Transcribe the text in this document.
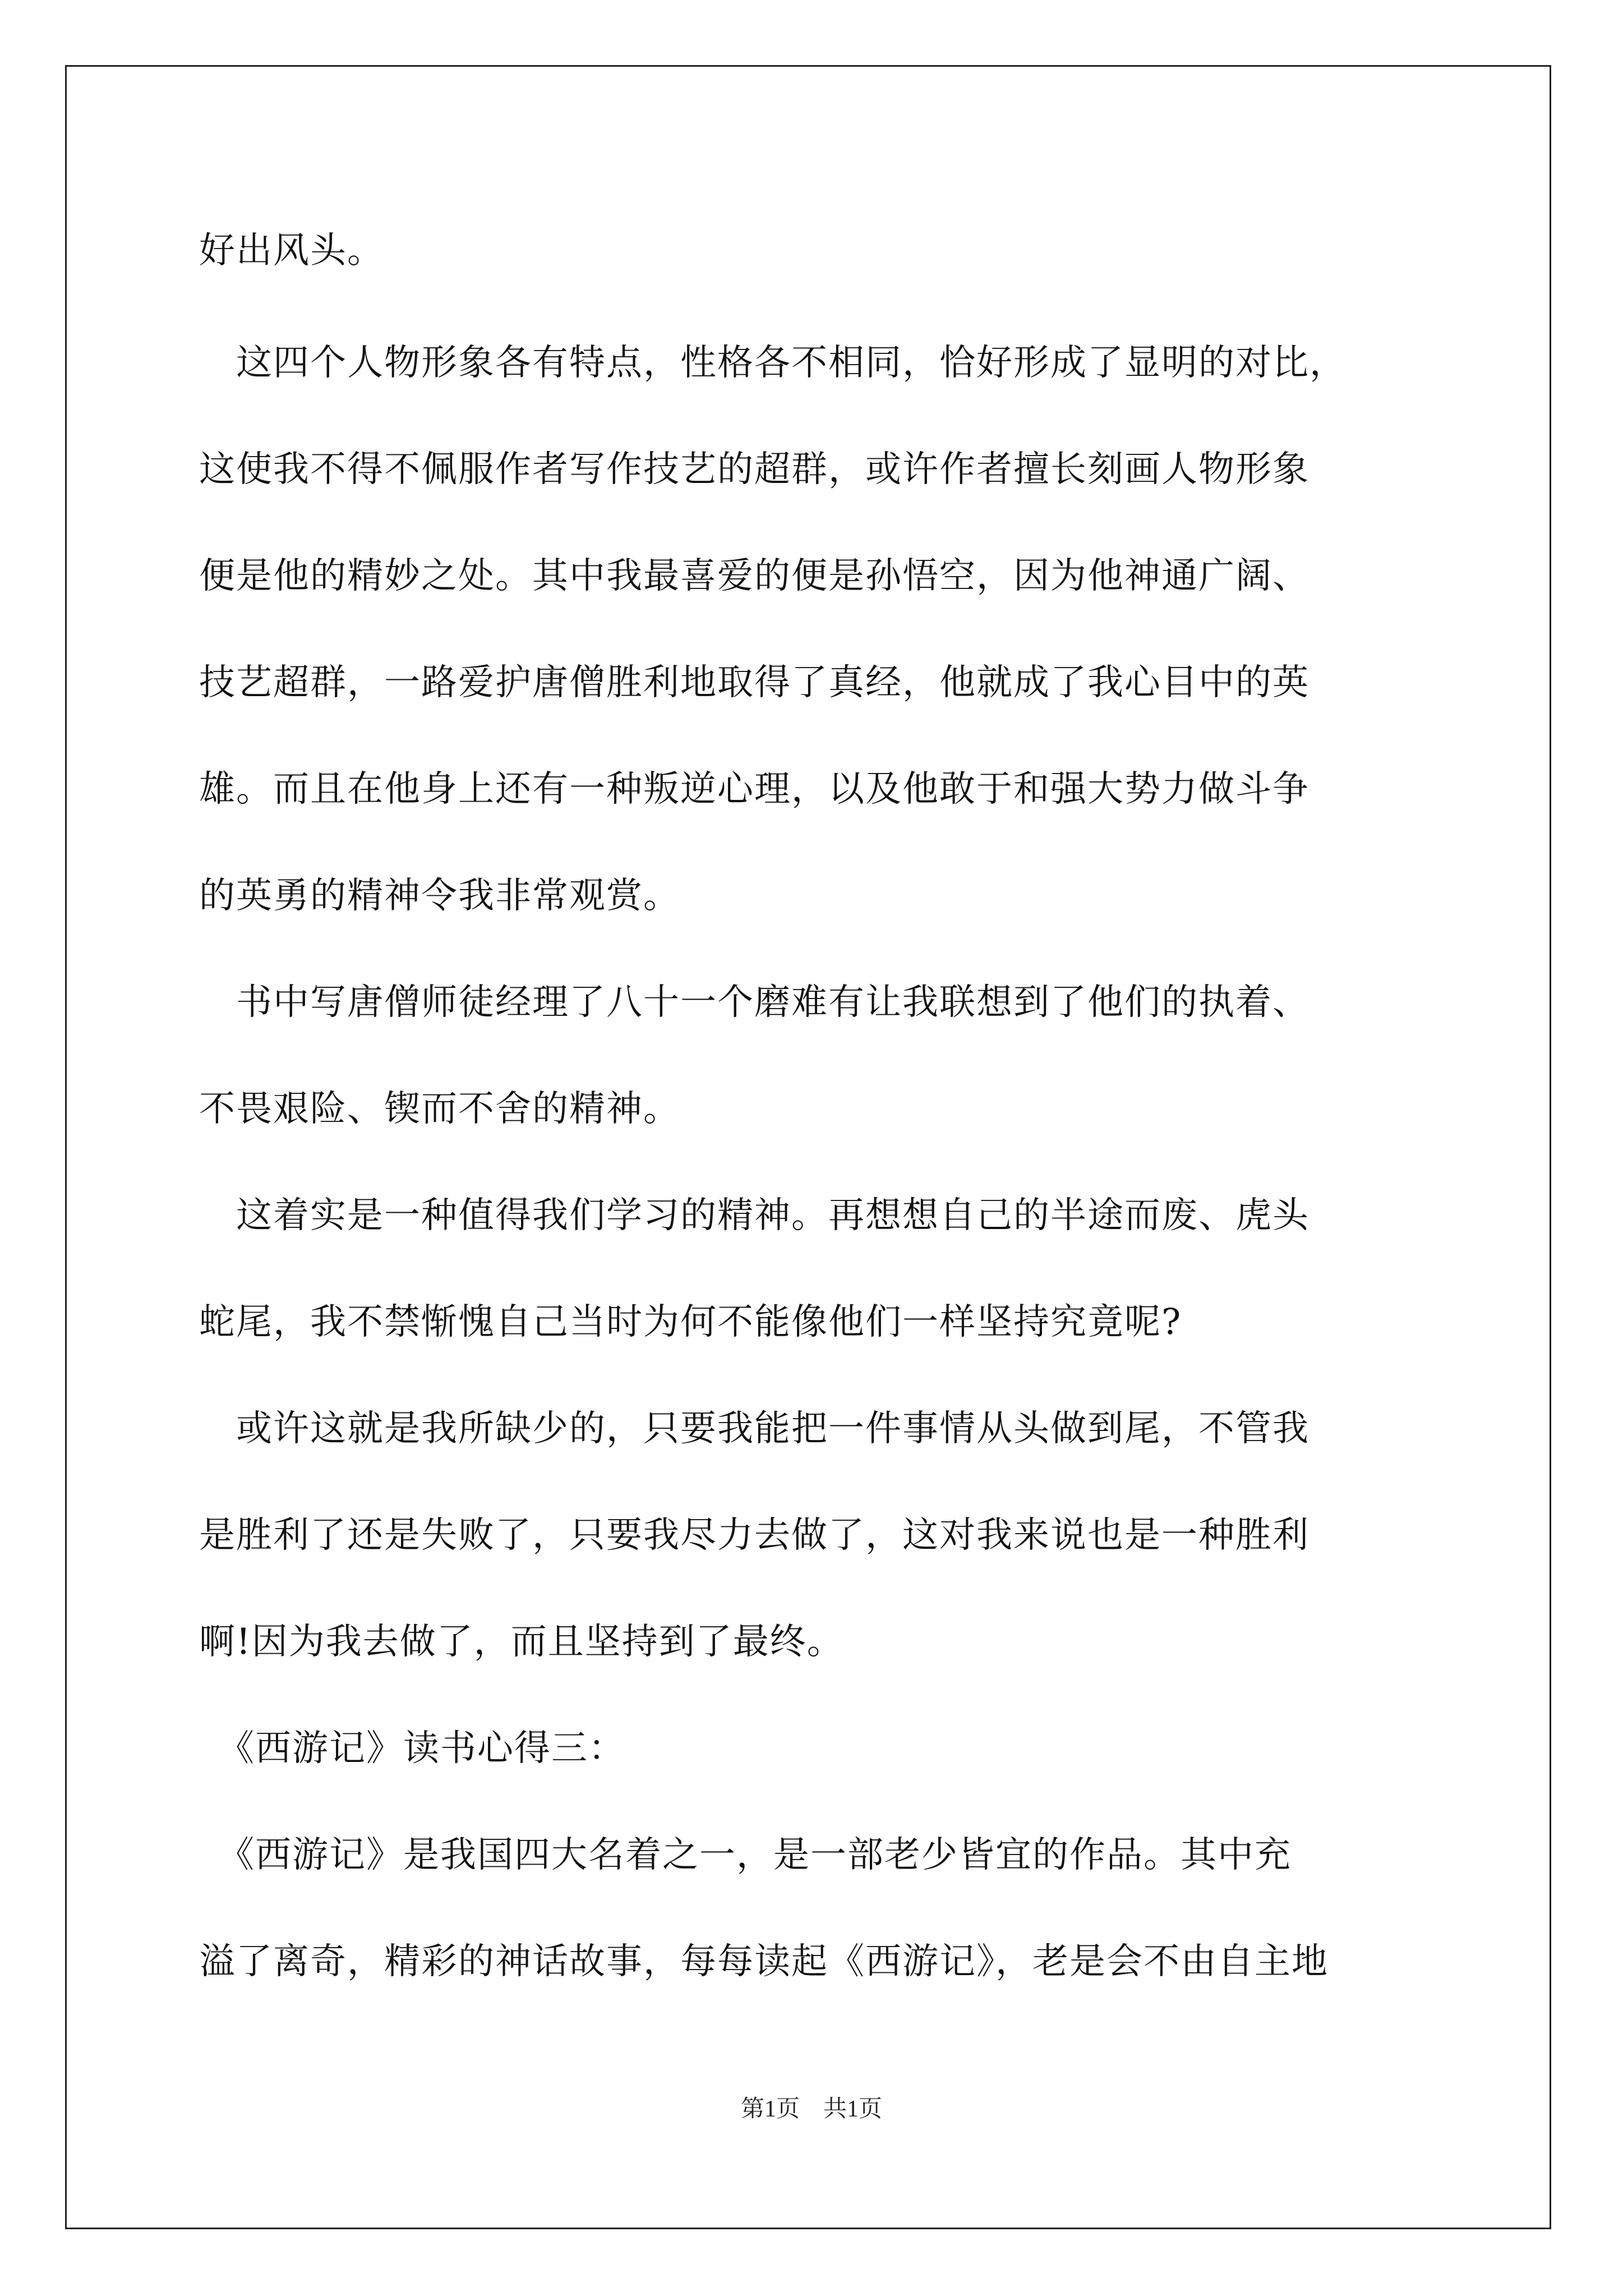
好出风头。
　这四个人物形象各有特点，性格各不相同，恰好形成了显明的对比，
这使我不得不佩服作者写作技艺的超群，或许作者擅长刻画人物形象
便是他的精妙之处。其中我最喜爱的便是孙悟空，因为他神通广阔、
技艺超群，一路爱护唐僧胜利地取得了真经，他就成了我心目中的英
雄。而且在他身上还有一种叛逆心理，以及他敢于和强大势力做斗争
的英勇的精神令我非常观赏。
　书中写唐僧师徒经理了八十一个磨难有让我联想到了他们的执着、
不畏艰险、锲而不舍的精神。
　这着实是一种值得我们学习的精神。再想想自己的半途而废、虎头
蛇尾，我不禁惭愧自己当时为何不能像他们一样坚持究竟呢?
　或许这就是我所缺少的，只要我能把一件事情从头做到尾，不管我
是胜利了还是失败了，只要我尽力去做了，这对我来说也是一种胜利
啊!因为我去做了，而且坚持到了最终。
　《西游记》读书心得三：
　《西游记》是我国四大名着之一，是一部老少皆宜的作品。其中充
溢了离奇，精彩的神话故事，每每读起《西游记》，老是会不由自主地
第1页　共1页
